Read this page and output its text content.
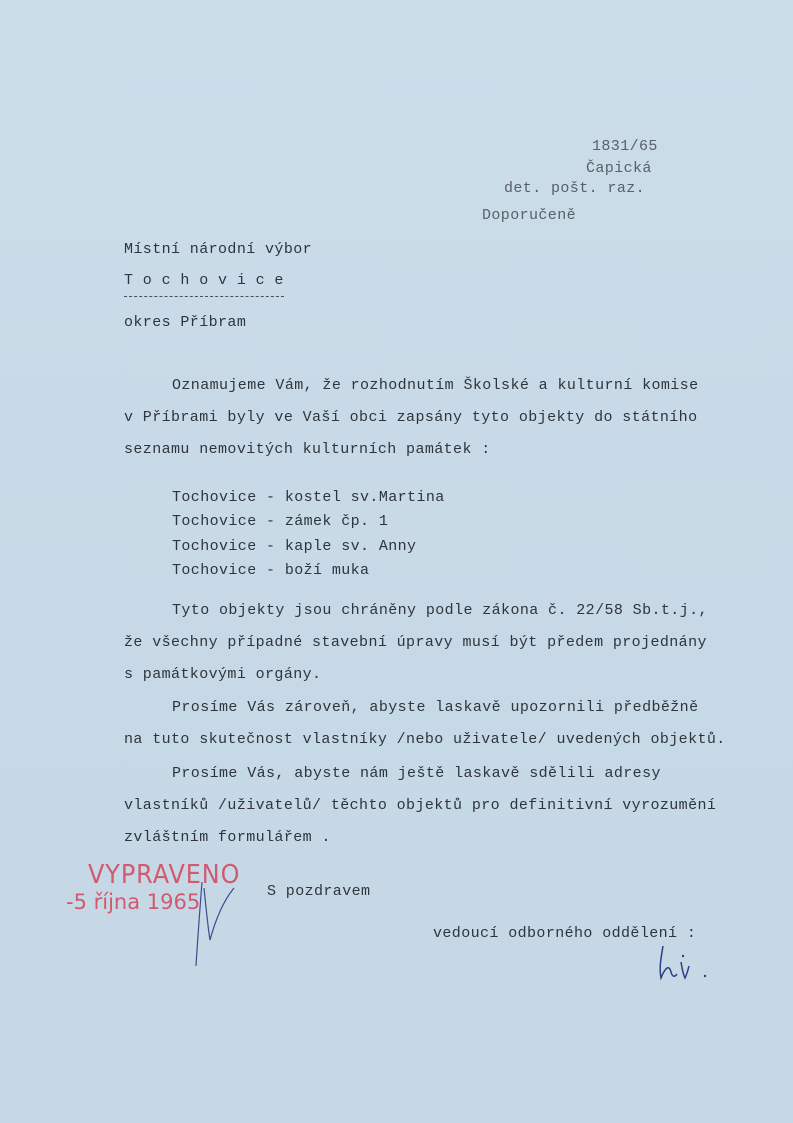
1831/65
Čapická
det. pošt. raz.
Doporučeně
Místní národní výbor
T o c h o v i c e
okres Příbram
Oznamujeme Vám, že rozhodnutím Školské a kulturní komise
v Příbrami byly ve Vaší obci zapsány tyto objekty do státního
seznamu nemovitých kulturních památek :
Tochovice - kostel sv.Martina
Tochovice - zámek čp. 1
Tochovice - kaple sv. Anny
Tochovice - boží muka
Tyto objekty jsou chráněny podle zákona č. 22/58 Sb.t.j.,
že všechny případné stavební úpravy musí být předem projednány
s památkovými orgány.
Prosíme Vás zároveň, abyste laskavě upozornili předběžně
na tuto skutečnost vlastníky /nebo uživatele/ uvedených objektů.
Prosíme Vás, abyste nám ještě laskavě sdělili adresy
vlastníků /uživatelů/ těchto objektů pro definitivní vyrozumění
zvláštním formulářem .
VYPRAVENO
-5 října 1965	S pozdravem
vedoucí odborného oddělení :
